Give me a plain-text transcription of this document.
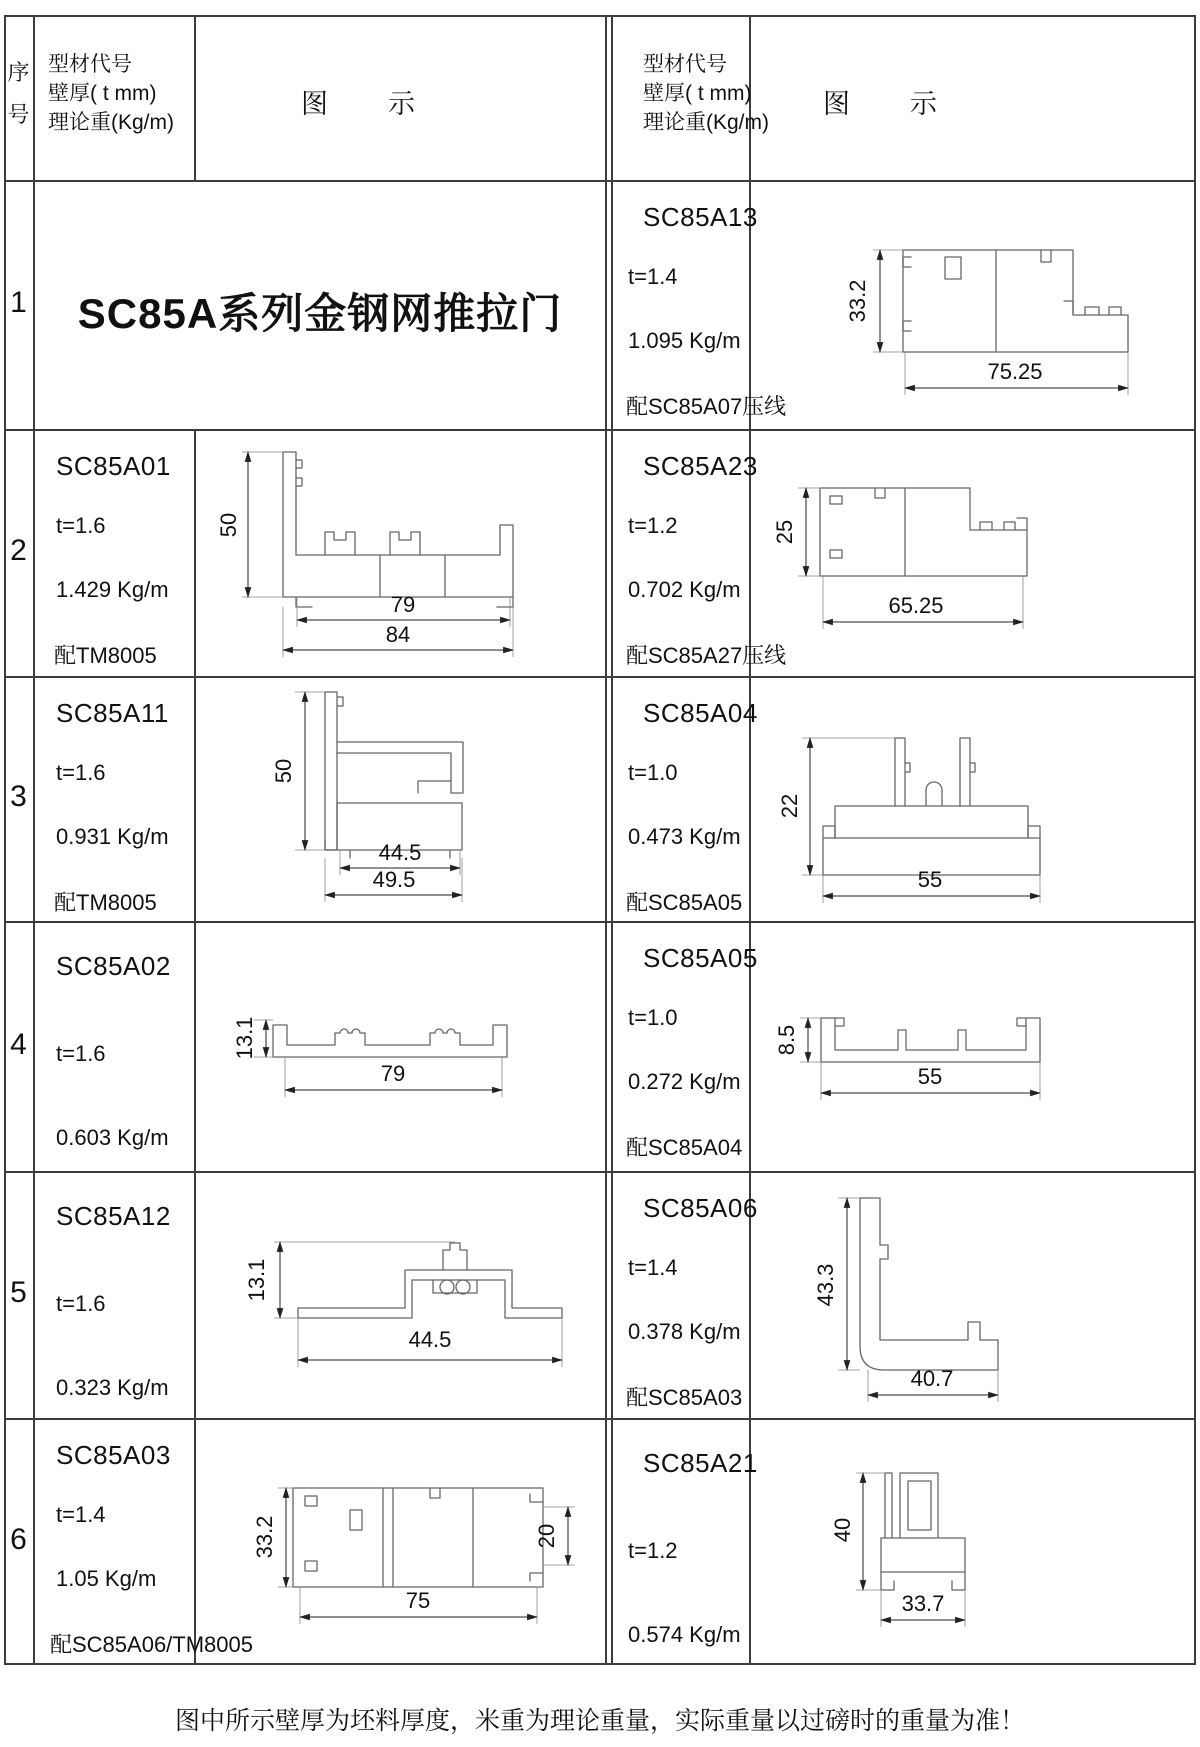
序
号
型材代号
壁厚( t mm)
理论重(Kg/m)
图　　示
型材代号
壁厚( t mm)
理论重(Kg/m)
图　　示
1
2
3
4
5
6
SC85A系列金钢网推拉门
SC85A13
t=1.4
1.095 Kg/m
配SC85A07压线
33.2
75.25
SC85A01
t=1.6
1.429 Kg/m
配TM8005
50
79
84
SC85A23
t=1.2
0.702 Kg/m
配SC85A27压线
25
65.25
SC85A11
t=1.6
0.931 Kg/m
配TM8005
50
44.5
49.5
SC85A04
t=1.0
0.473 Kg/m
配SC85A05
22
55
SC85A02
t=1.6
0.603 Kg/m
13.1
79
SC85A05
t=1.0
0.272 Kg/m
配SC85A04
8.5
55
SC85A12
t=1.6
0.323 Kg/m
13.1
44.5
SC85A06
t=1.4
0.378 Kg/m
配SC85A03
43.3
40.7
SC85A03
t=1.4
1.05 Kg/m
配SC85A06/TM8005
33.2	20
75
SC85A21
t=1.2
0.574 Kg/m
40
33.7
图中所示壁厚为坯料厚度，米重为理论重量，实际重量以过磅时的重量为准！
